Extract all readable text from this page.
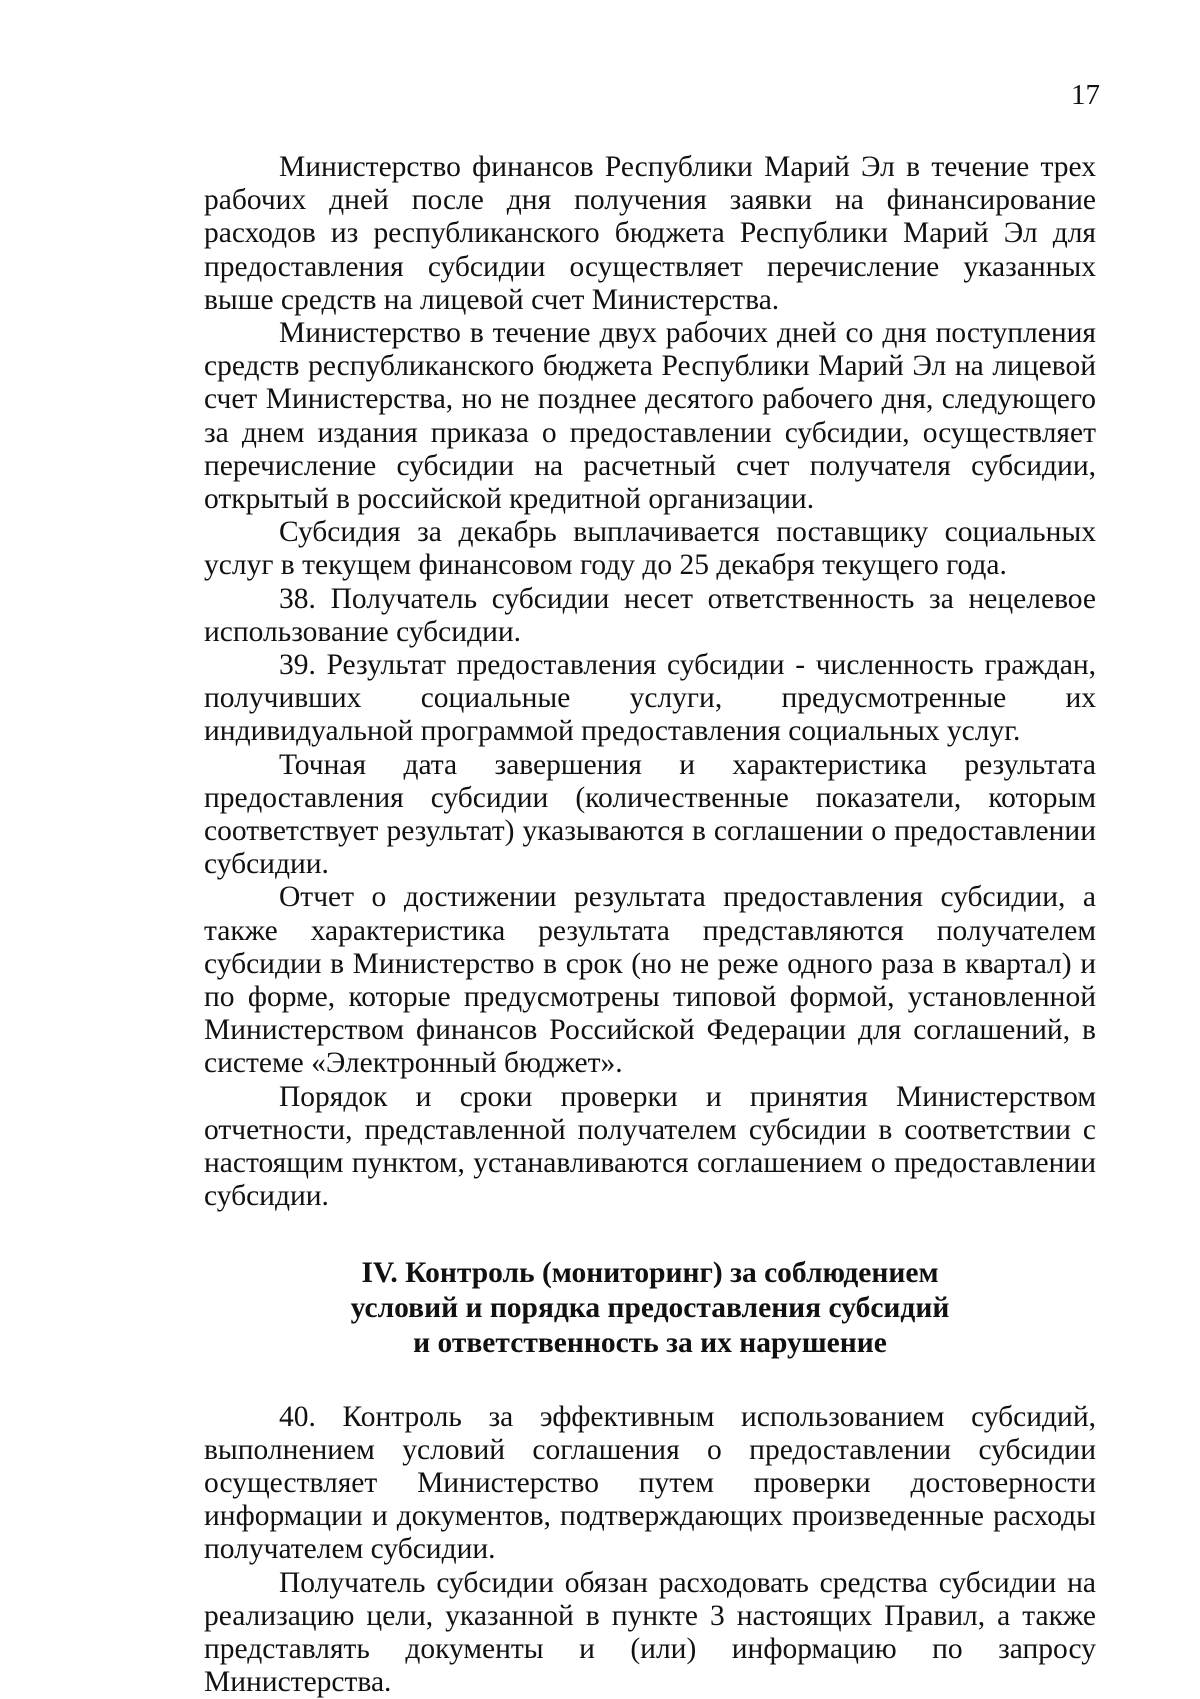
17

Министерство финансов Республики Марий Эл в течение трех рабочих дней после дня получения заявки на финансирование расходов из республиканского бюджета Республики Марий Эл для предоставления субсидии осуществляет перечисление указанных выше средств на лицевой счет Министерства.

Министерство в течение двух рабочих дней со дня поступления средств республиканского бюджета Республики Марий Эл на лицевой счет Министерства, но не позднее десятого рабочего дня, следующего за днем издания приказа о предоставлении субсидии, осуществляет перечисление субсидии на расчетный счет получателя субсидии, открытый в российской кредитной организации.

Субсидия за декабрь выплачивается поставщику социальных услуг в текущем финансовом году до 25 декабря текущего года.

38. Получатель субсидии несет ответственность за нецелевое использование субсидии.

39. Результат предоставления субсидии - численность граждан, получивших социальные услуги, предусмотренные их индивидуальной программой предоставления социальных услуг.

Точная дата завершения и характеристика результата предоставления субсидии (количественные показатели, которым соответствует результат) указываются в соглашении о предоставлении субсидии.

Отчет о достижении результата предоставления субсидии, а также характеристика результата представляются получателем субсидии в Министерство в срок (но не реже одного раза в квартал) и по форме, которые предусмотрены типовой формой, установленной Министерством финансов Российской Федерации для соглашений, в системе «Электронный бюджет».

Порядок и сроки проверки и принятия Министерством отчетности, представленной получателем субсидии в соответствии с настоящим пунктом, устанавливаются соглашением о предоставлении субсидии.

IV. Контроль (мониторинг) за соблюдением
условий и порядка предоставления субсидий
и ответственность за их нарушение

40. Контроль за эффективным использованием субсидий, выполнением условий соглашения о предоставлении субсидии осуществляет Министерство путем проверки достоверности информации и документов, подтверждающих произведенные расходы получателем субсидии.

Получатель субсидии обязан расходовать средства субсидии на реализацию цели, указанной в пункте 3 настоящих Правил, а также представлять документы и (или) информацию по запросу Министерства.
